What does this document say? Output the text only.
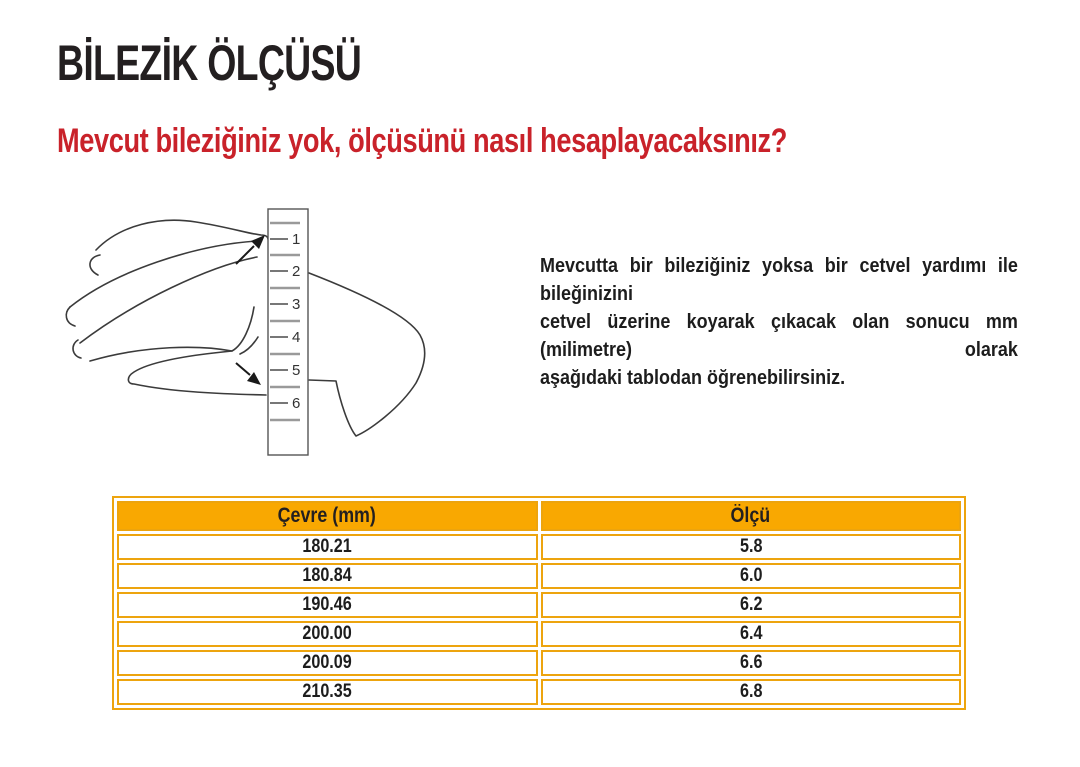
BİLEZİK ÖLÇÜSÜ
Mevcut bileziğiniz yok, ölçüsünü nasıl hesaplayacaksınız?
1
2
3
4
5
6

Mevcutta bir bileziğiniz yoksa bir cetvel yardımı ile bileğinizini
cetvel üzerine koyarak çıkacak olan sonucu mm (milimetre) olarak
aşağıdaki tablodan öğrenebilirsiniz.

Çevre (mm)	Ölçü
180.21	5.8
180.84	6.0
190.46	6.2
200.00	6.4
200.09	6.6
210.35	6.8
